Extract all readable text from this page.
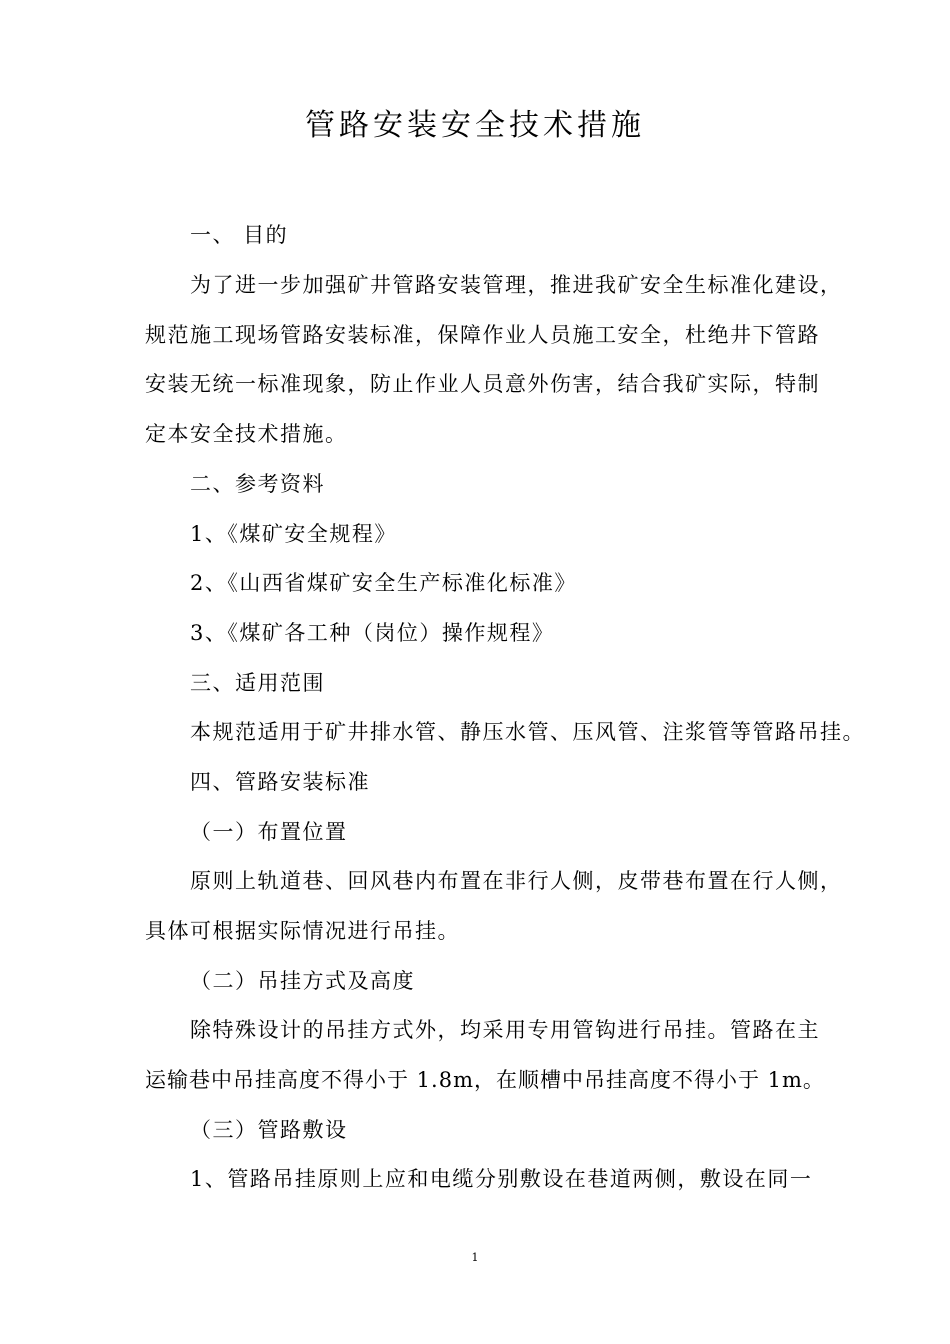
管路安装安全技术措施
一、 目的
为了进一步加强矿井管路安装管理，推进我矿安全生标准化建设，
规范施工现场管路安装标准，保障作业人员施工安全，杜绝井下管路
安装无统一标准现象，防止作业人员意外伤害，结合我矿实际，特制
定本安全技术措施。
二、参考资料
1、《煤矿安全规程》
2、《山西省煤矿安全生产标准化标准》
3、《煤矿各工种（岗位）操作规程》
三、适用范围
本规范适用于矿井排水管、静压水管、压风管、注浆管等管路吊挂。
四、管路安装标准
（一）布置位置
原则上轨道巷、回风巷内布置在非行人侧，皮带巷布置在行人侧，
具体可根据实际情况进行吊挂。
（二）吊挂方式及高度
除特殊设计的吊挂方式外，均采用专用管钩进行吊挂。管路在主
运输巷中吊挂高度不得小于 1.8m，在顺槽中吊挂高度不得小于 1m。
（三）管路敷设
1、管路吊挂原则上应和电缆分别敷设在巷道两侧，敷设在同一
1
